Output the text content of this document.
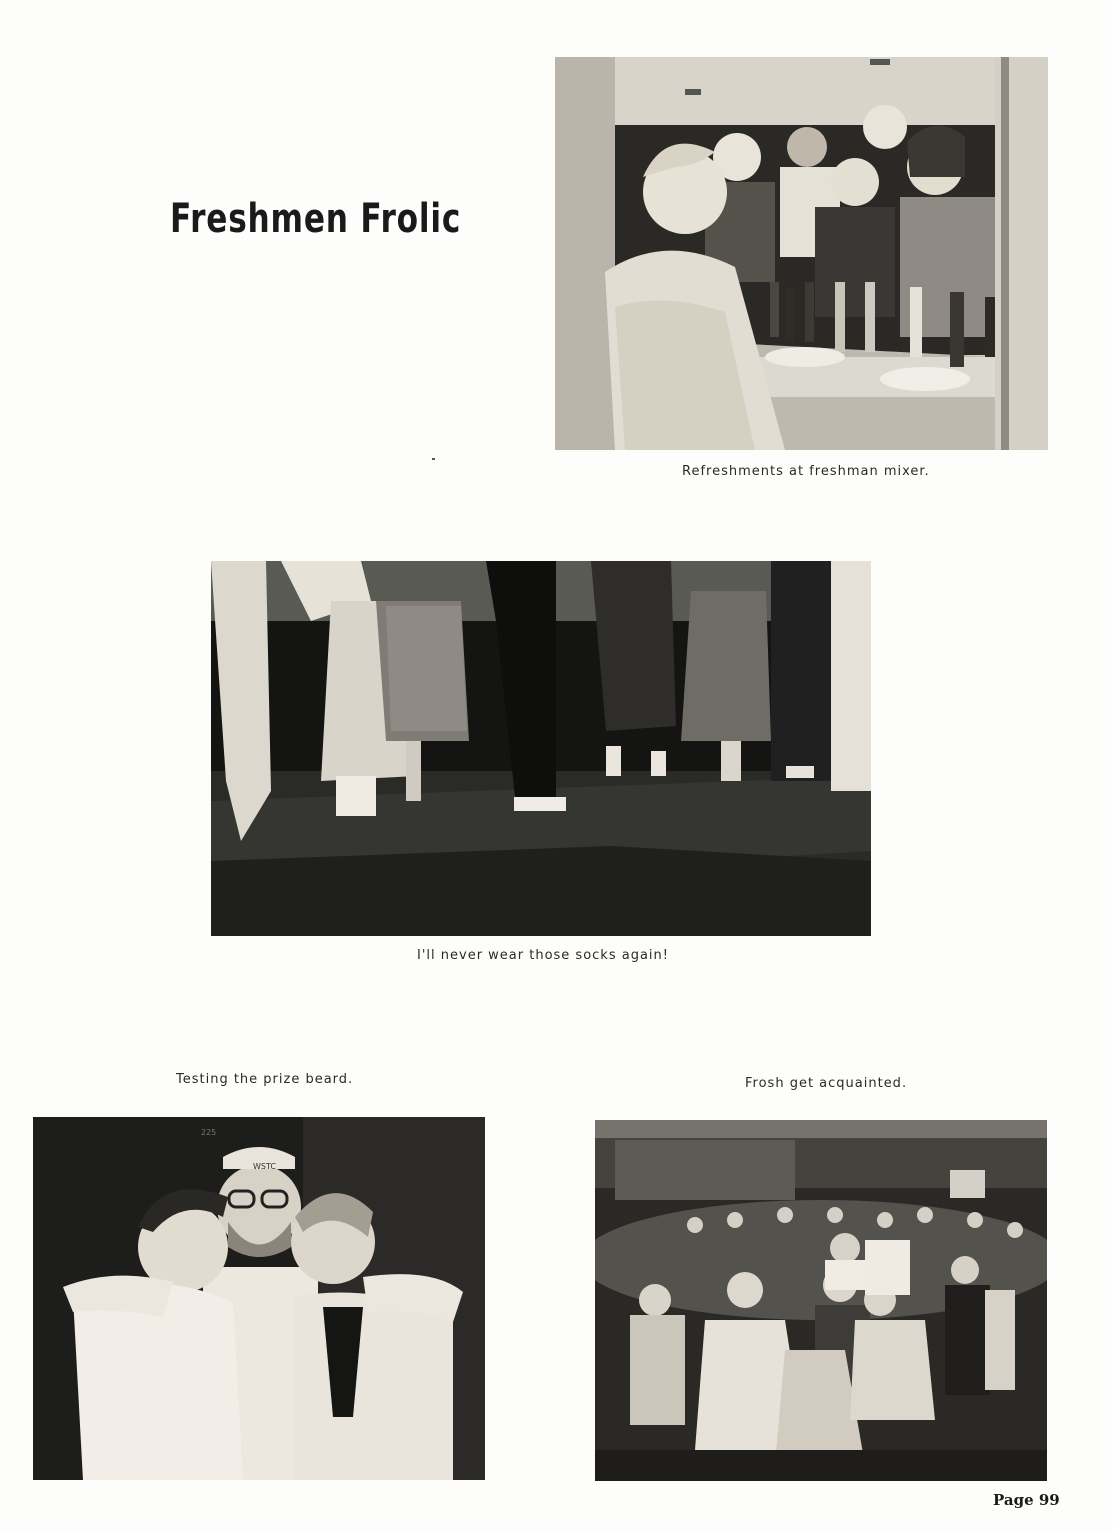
Freshmen Frolic
Refreshments at freshman mixer.
I'll never wear those socks again!
Testing the prize beard.
WSTC
225
Frosh get acquainted.
Page 99
